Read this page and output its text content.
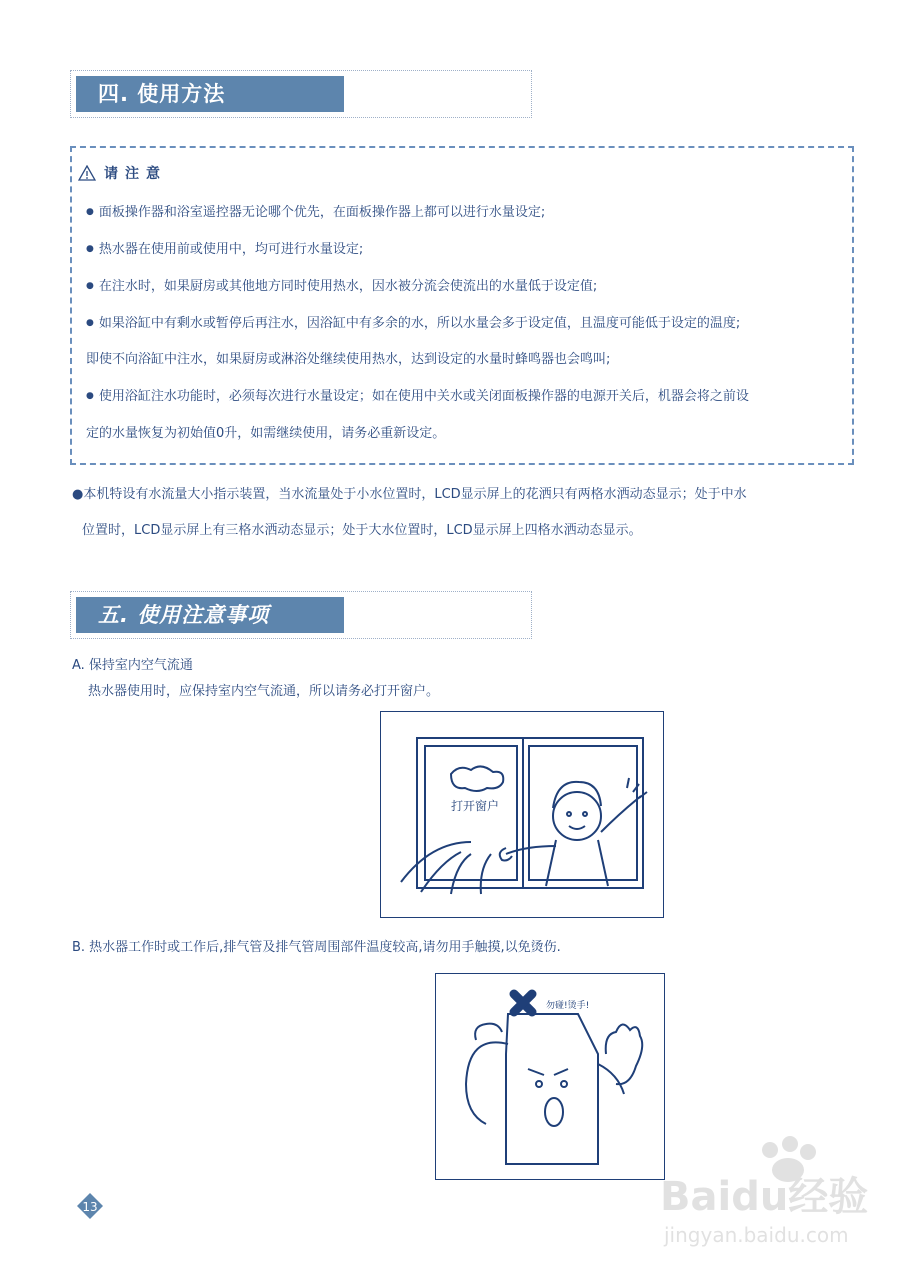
四. 使用方法
请注意
● 面板操作器和浴室遥控器无论哪个优先，在面板操作器上都可以进行水量设定;
● 热水器在使用前或使用中，均可进行水量设定;
● 在注水时，如果厨房或其他地方同时使用热水，因水被分流会使流出的水量低于设定值;
● 如果浴缸中有剩水或暂停后再注水，因浴缸中有多余的水，所以水量会多于设定值，且温度可能低于设定的温度;
即使不向浴缸中注水，如果厨房或淋浴处继续使用热水，达到设定的水量时蜂鸣器也会鸣叫;
● 使用浴缸注水功能时，必须每次进行水量设定；如在使用中关水或关闭面板操作器的电源开关后，机器会将之前设
定的水量恢复为初始值0升，如需继续使用，请务必重新设定。
●本机特设有水流量大小指示装置，当水流量处于小水位置时，LCD显示屏上的花洒只有两格水洒动态显示；处于中水
位置时，LCD显示屏上有三格水洒动态显示；处于大水位置时，LCD显示屏上四格水洒动态显示。
五. 使用注意事项
A. 保持室内空气流通
热水器使用时，应保持室内空气流通，所以请务必打开窗户。
打开窗户
B. 热水器工作时或工作后,排气管及排气管周围部件温度较高,请勿用手触摸,以免烫伤.
勿碰!烫手!
13	Baidu经验
jingyan.baidu.com
